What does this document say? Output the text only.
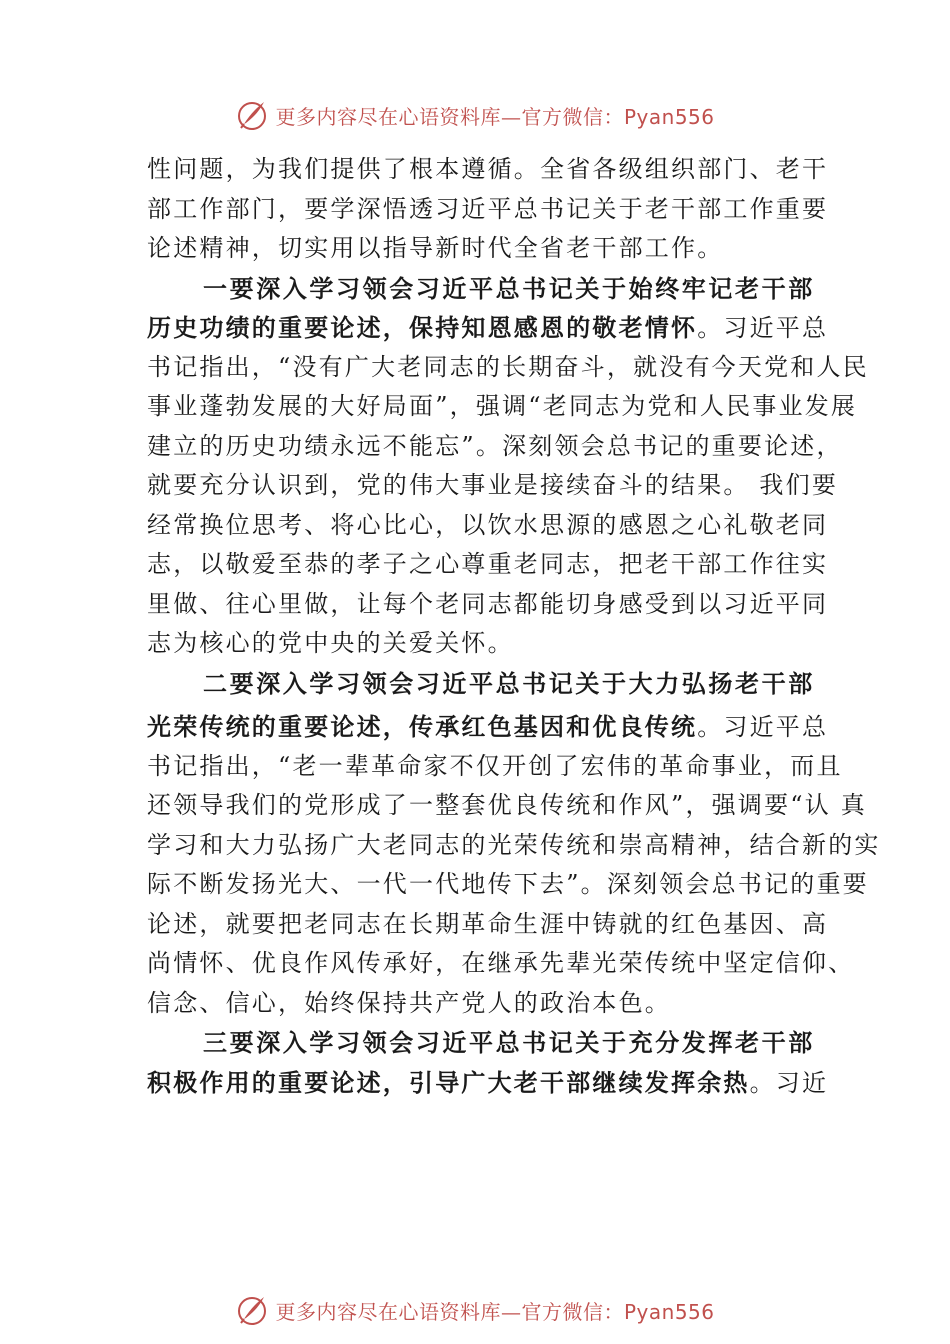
更多内容尽在心语资料库—官方微信：Pyan556
性问题，为我们提供了根本遵循。全省各级组织部门、老干
部工作部门，要学深悟透习近平总书记关于老干部工作重要
论述精神，切实用以指导新时代全省老干部工作。
一要深入学习领会习近平总书记关于始终牢记老干部
历史功绩的重要论述，保持知恩感恩的敬老情怀。习近平总
书记指出，“没有广大老同志的长期奋斗，就没有今天党和人民
事业蓬勃发展的大好局面”，强调“老同志为党和人民事业发展
建立的历史功绩永远不能忘”。深刻领会总书记的重要论述，
就要充分认识到，党的伟大事业是接续奋斗的结果。 我们要
经常换位思考、将心比心，以饮水思源的感恩之心礼敬老同
志，以敬爱至恭的孝子之心尊重老同志，把老干部工作往实
里做、往心里做，让每个老同志都能切身感受到以习近平同
志为核心的党中央的关爱关怀。
二要深入学习领会习近平总书记关于大力弘扬老干部
光荣传统的重要论述，传承红色基因和优良传统。习近平总
书记指出，“老一辈革命家不仅开创了宏伟的革命事业，而且
还领导我们的党形成了一整套优良传统和作风”，强调要“认 真
学习和大力弘扬广大老同志的光荣传统和崇高精神，结合新的实
际不断发扬光大、一代一代地传下去”。深刻领会总书记的重要
论述，就要把老同志在长期革命生涯中铸就的红色基因、高
尚情怀、优良作风传承好，在继承先辈光荣传统中坚定信仰、
信念、信心，始终保持共产党人的政治本色。
三要深入学习领会习近平总书记关于充分发挥老干部
积极作用的重要论述，引导广大老干部继续发挥余热。习近
更多内容尽在心语资料库—官方微信：Pyan556
